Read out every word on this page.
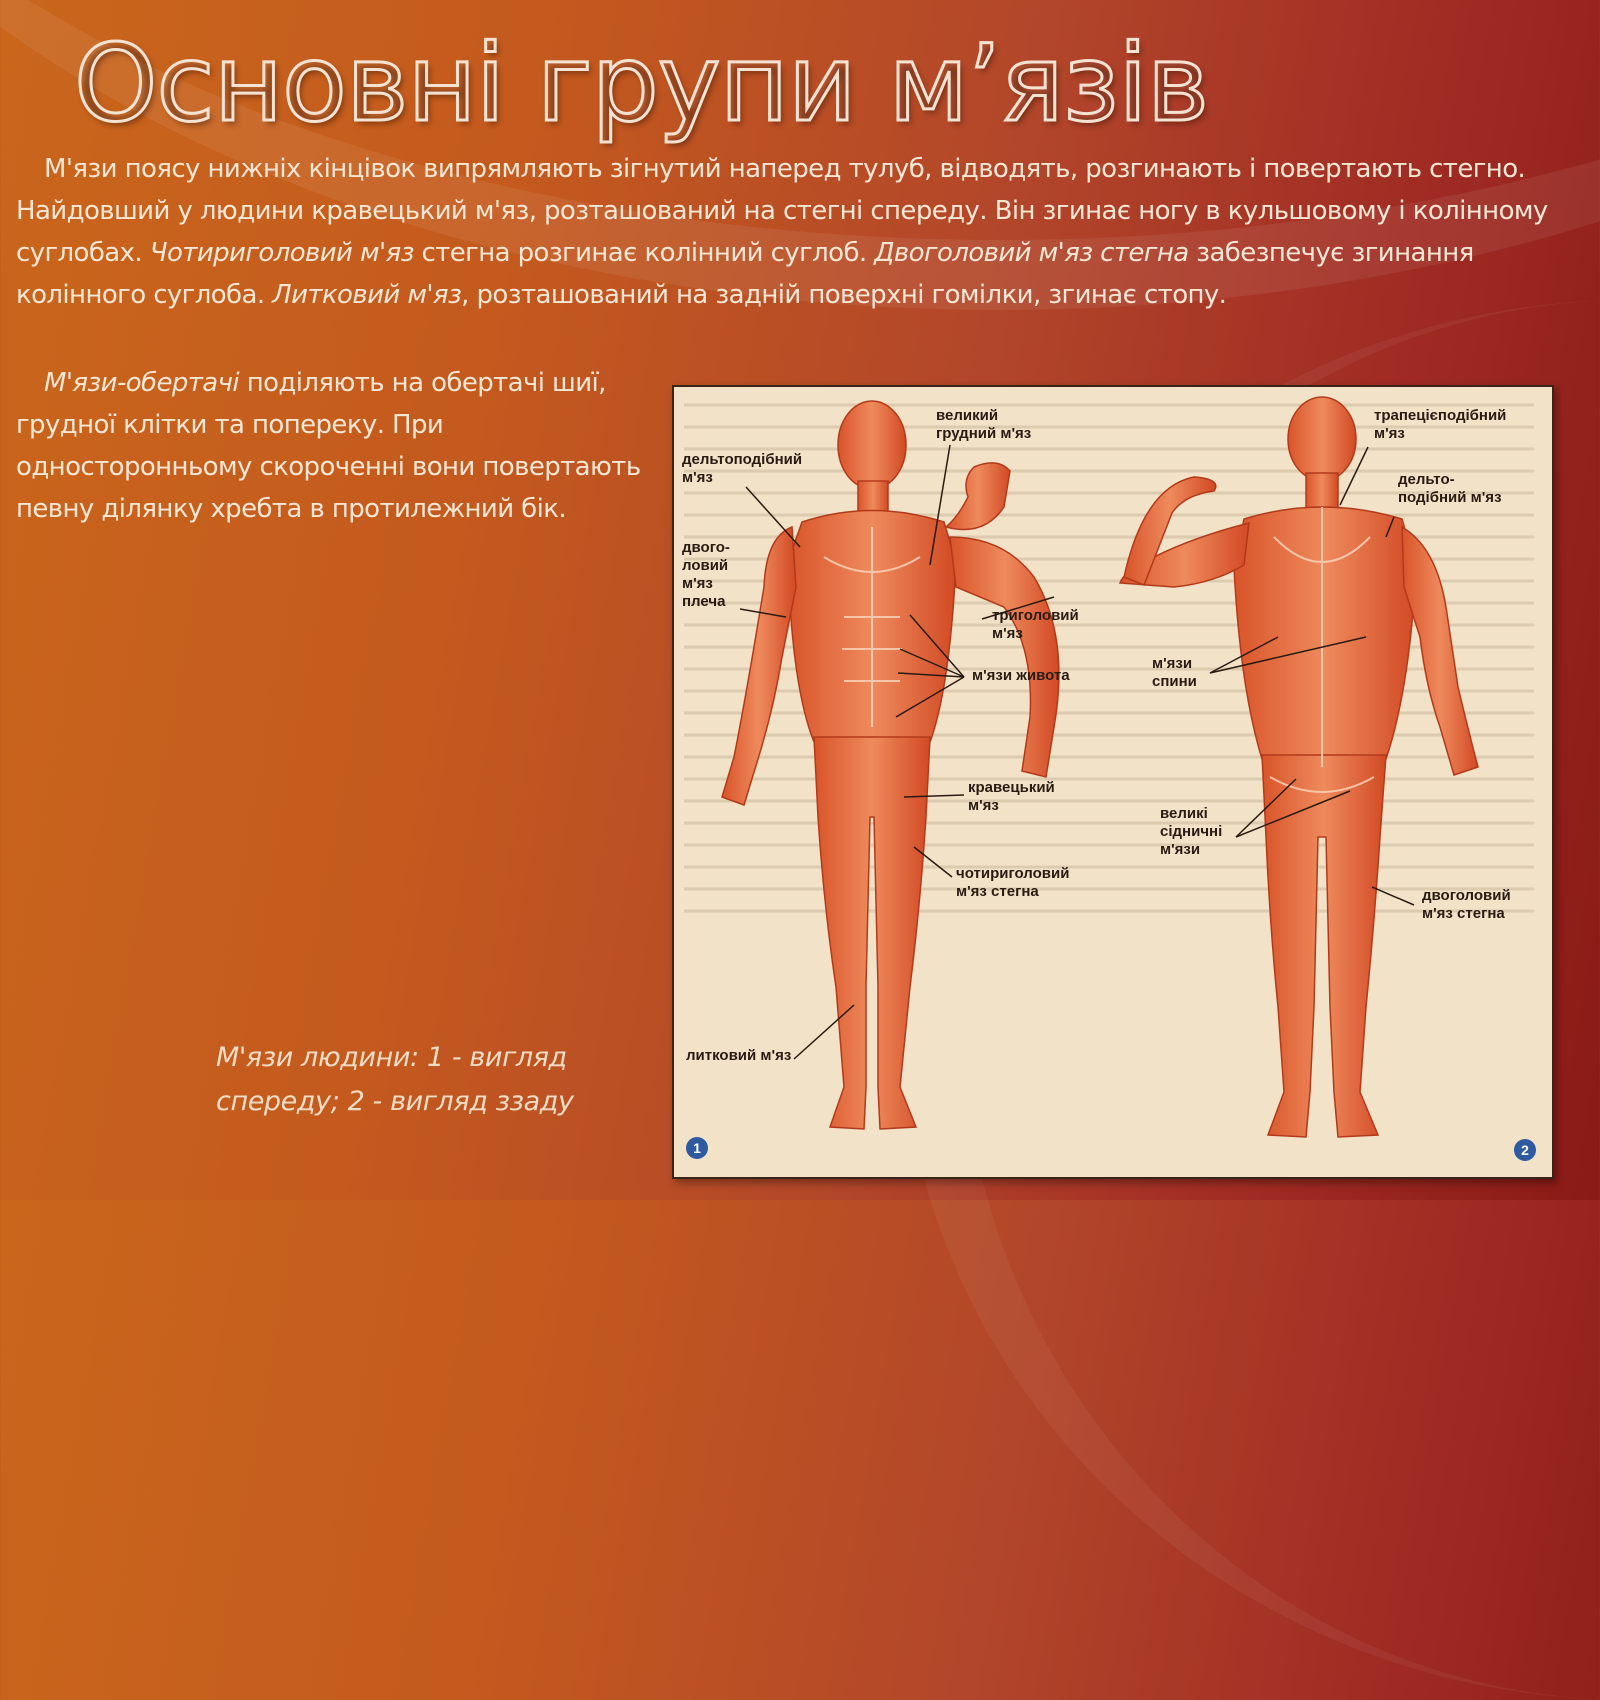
Основні групи м’язів

М'язи поясу нижніх кінцівок випрямляють зігнутий наперед тулуб, відводять, розгинають і повертають стегно. Найдовший у людини кравецький м'яз, розташований на стегні спереду. Він згинає ногу в кульшовому і колінному суглобах. Чотириголовий м'яз стегна розгинає колінний суглоб. Двоголовий м'яз стегна забезпечує згинання колінного суглоба. Литковий м'яз, розташований на задній поверхні гомілки, згинає стопу.

М'язи-обертачі поділяють на обертачі шиї, грудної клітки та попереку. При односторонньому скороченні вони повертають певну ділянку хребта в протилежний бік.

М'язи людини: 1 - вигляд спереду; 2 - вигляд ззаду

великий
грудний м'яз

дельтоподібний
м'яз

двого-
ловий
м'яз
плеча

триголовий
м'яз

м'язи живота

кравецький
м'яз

чотириголовий
м'яз стегна

литковий м'яз

трапецієподібний
м'яз

дельто-
подібний м'яз

м'язи
спини

великі
сідничні
м'язи

двоголовий
м'яз стегна

1	2
